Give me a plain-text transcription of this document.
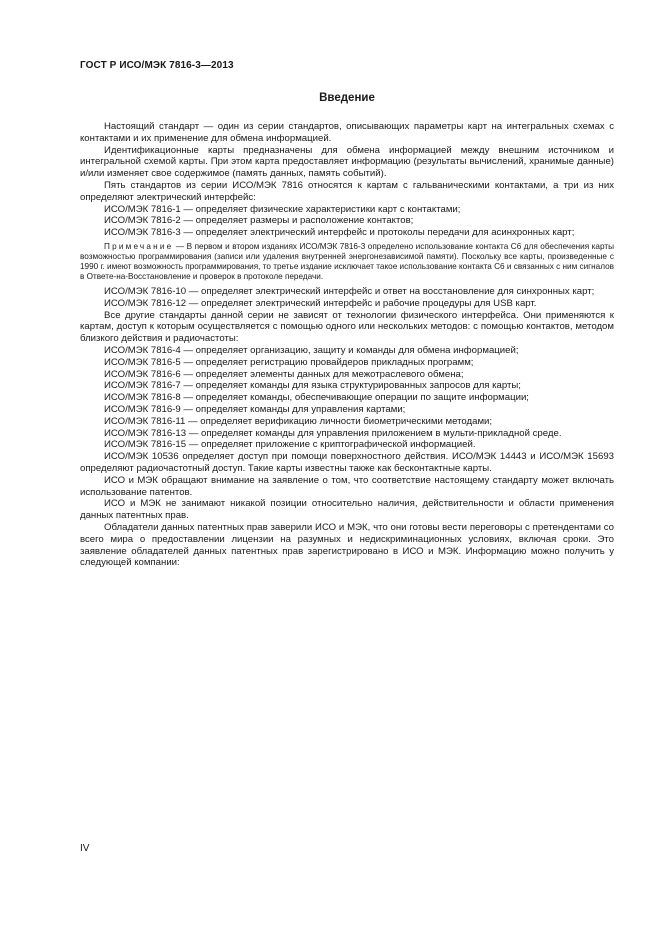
ГОСТ Р ИСО/МЭК 7816-3—2013
Введение

Настоящий стандарт — один из серии стандартов, описывающих параметры карт на интегральных схемах с контактами и их применение для обмена информацией.

Идентификационные карты предназначены для обмена информацией между внешним источником и интегральной схемой карты. При этом карта предоставляет информацию (результаты вычислений, хранимые данные) и/или изменяет свое содержимое (память данных, память событий).

Пять стандартов из серии ИСО/МЭК 7816 относятся к картам с гальваническими контактами, а три из них определяют электрический интерфейс:

ИСО/МЭК 7816-1 — определяет физические характеристики карт с контактами;

ИСО/МЭК 7816-2 — определяет размеры и расположение контактов;

ИСО/МЭК 7816-3 — определяет электрический интерфейс и протоколы передачи для асинхронных карт;

Примечание — В первом и втором изданиях ИСО/МЭК 7816-3 определено использование контакта С6 для обеспечения карты возможностью программирования (записи или удаления внутренней энергонезависимой памяти). Поскольку все карты, произведенные с 1990 г. имеют возможность программирования, то третье издание исключает такое использование контакта С6 и связанных с ним сигналов в Ответе-на-Восстановление и проверок в протоколе передачи.

ИСО/МЭК 7816-10 — определяет электрический интерфейс и ответ на восстановление для синхронных карт;

ИСО/МЭК 7816-12 — определяет электрический интерфейс и рабочие процедуры для USB карт.

Все другие стандарты данной серии не зависят от технологии физического интерфейса. Они применяются к картам, доступ к которым осуществляется с помощью одного или нескольких методов: с помощью контактов, методом близкого действия и радиочастоты:

ИСО/МЭК 7816-4 — определяет организацию, защиту и команды для обмена информацией;

ИСО/МЭК 7816-5 — определяет регистрацию провайдеров прикладных программ;

ИСО/МЭК 7816-6 — определяет элементы данных для межотраслевого обмена;

ИСО/МЭК 7816-7 — определяет команды для языка структурированных запросов для карты;

ИСО/МЭК 7816-8 — определяет команды, обеспечивающие операции по защите информации;

ИСО/МЭК 7816-9 — определяет команды для управления картами;

ИСО/МЭК 7816-11 — определяет верификацию личности биометрическими методами;

ИСО/МЭК 7816-13 — определяет команды для управления приложением в мульти-прикладной среде.

ИСО/МЭК 7816-15 — определяет приложение с криптографической информацией.

ИСО/МЭК 10536 определяет доступ при помощи поверхностного действия. ИСО/МЭК 14443 и ИСО/МЭК 15693 определяют радиочастотный доступ. Такие карты известны также как бесконтактные карты.

ИСО и МЭК обращают внимание на заявление о том, что соответствие настоящему стандарту может включать использование патентов.

ИСО и МЭК не занимают никакой позиции относительно наличия, действительности и области применения данных патентных прав.

Обладатели данных патентных прав заверили ИСО и МЭК, что они готовы вести переговоры с претендентами со всего мира о предоставлении лицензии на разумных и недискриминационных условиях, включая сроки. Это заявление обладателей данных патентных прав зарегистрировано в ИСО и МЭК. Информацию можно получить у следующей компании:

IV
